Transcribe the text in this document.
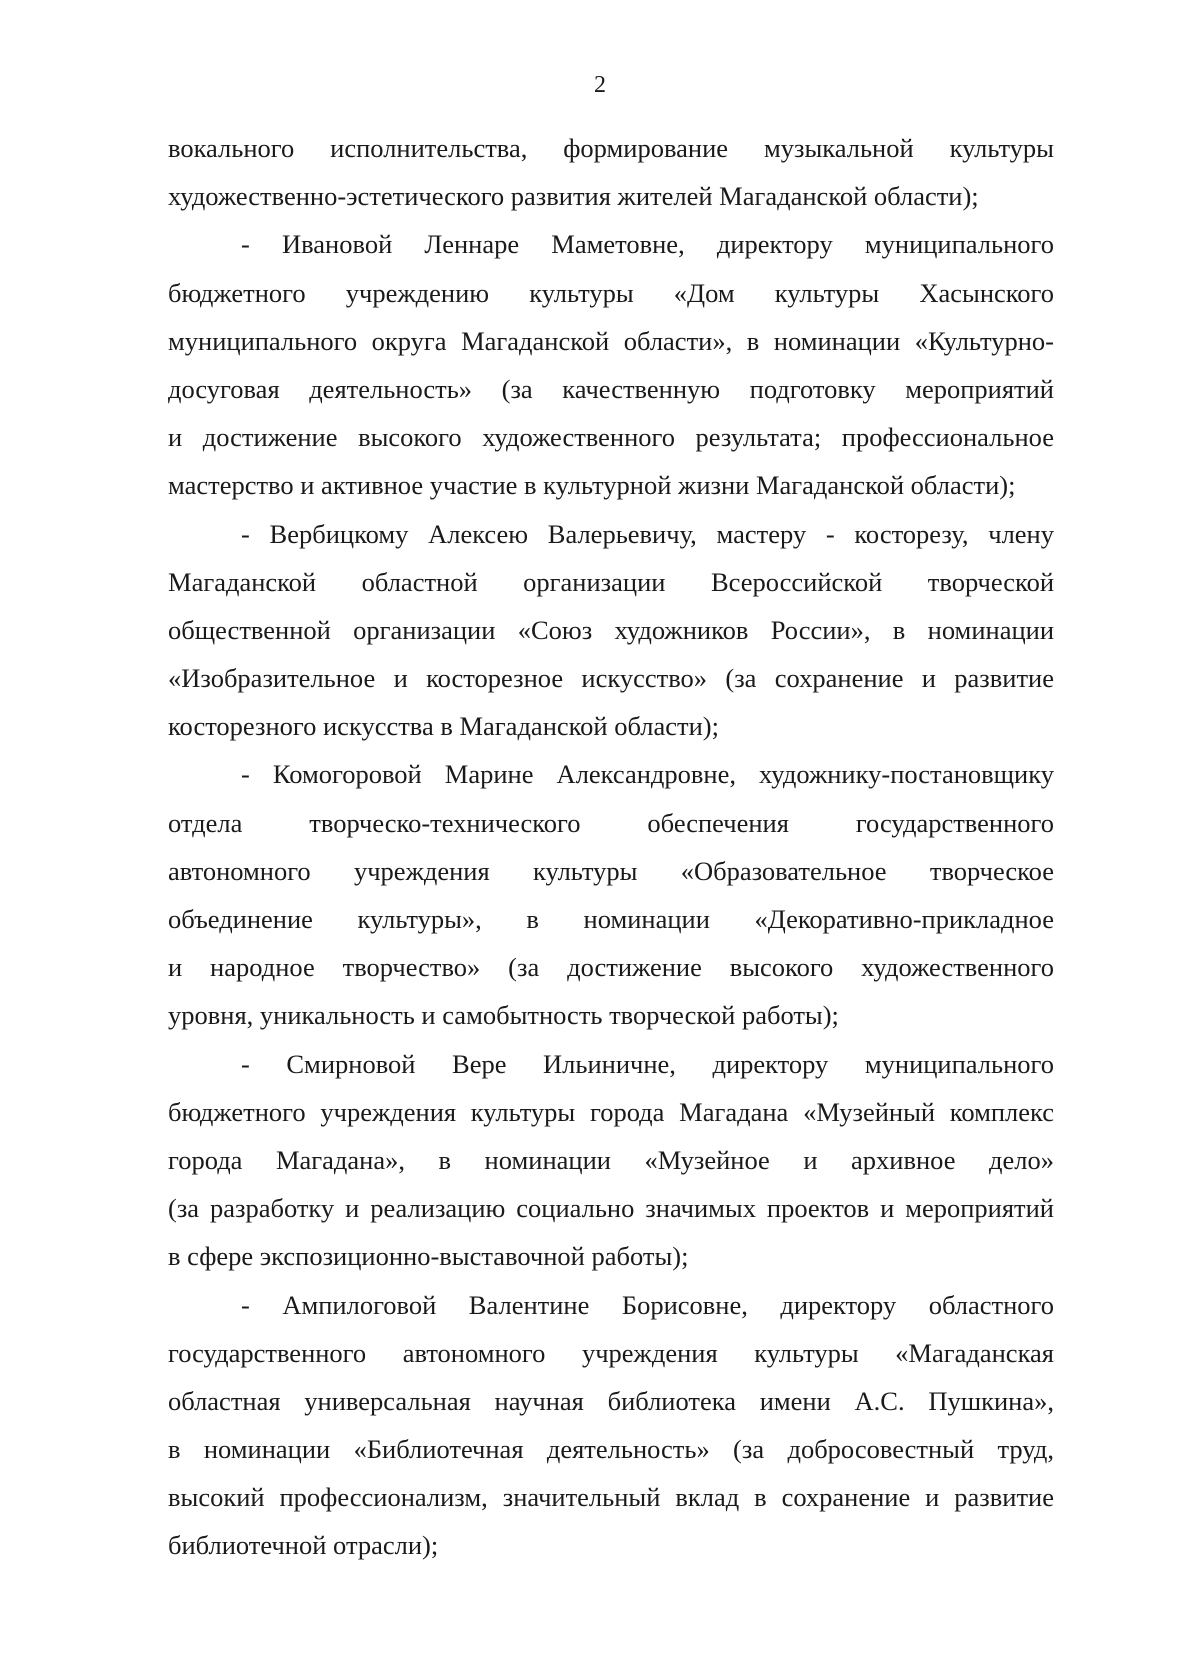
2
вокального исполнительства, формирование музыкальной культуры
художественно-эстетического развития жителей Магаданской области);
- Ивановой Леннаре Маметовне, директору муниципального
бюджетного учреждению культуры «Дом культуры Хасынского
муниципального округа Магаданской области», в номинации «Культурно-
досуговая деятельность» (за качественную подготовку мероприятий
и достижение высокого художественного результата; профессиональное
мастерство и активное участие в культурной жизни Магаданской области);
- Вербицкому Алексею Валерьевичу, мастеру - косторезу, члену
Магаданской областной организации Всероссийской творческой
общественной организации «Союз художников России», в номинации
«Изобразительное и косторезное искусство» (за сохранение и развитие
косторезного искусства в Магаданской области);
- Комогоровой Марине Александровне, художнику-постановщику
отдела творческо-технического обеспечения государственного
автономного учреждения культуры «Образовательное творческое
объединение культуры», в номинации «Декоративно-прикладное
и народное творчество» (за достижение высокого художественного
уровня, уникальность и самобытность творческой работы);
- Смирновой Вере Ильиничне, директору муниципального
бюджетного учреждения культуры города Магадана «Музейный комплекс
города Магадана», в номинации «Музейное и архивное дело»
(за разработку и реализацию социально значимых проектов и мероприятий
в сфере экспозиционно-выставочной работы);
- Ампилоговой Валентине Борисовне, директору областного
государственного автономного учреждения культуры «Магаданская
областная универсальная научная библиотека имени А.С. Пушкина»,
в номинации «Библиотечная деятельность» (за добросовестный труд,
высокий профессионализм, значительный вклад в сохранение и развитие
библиотечной отрасли);
